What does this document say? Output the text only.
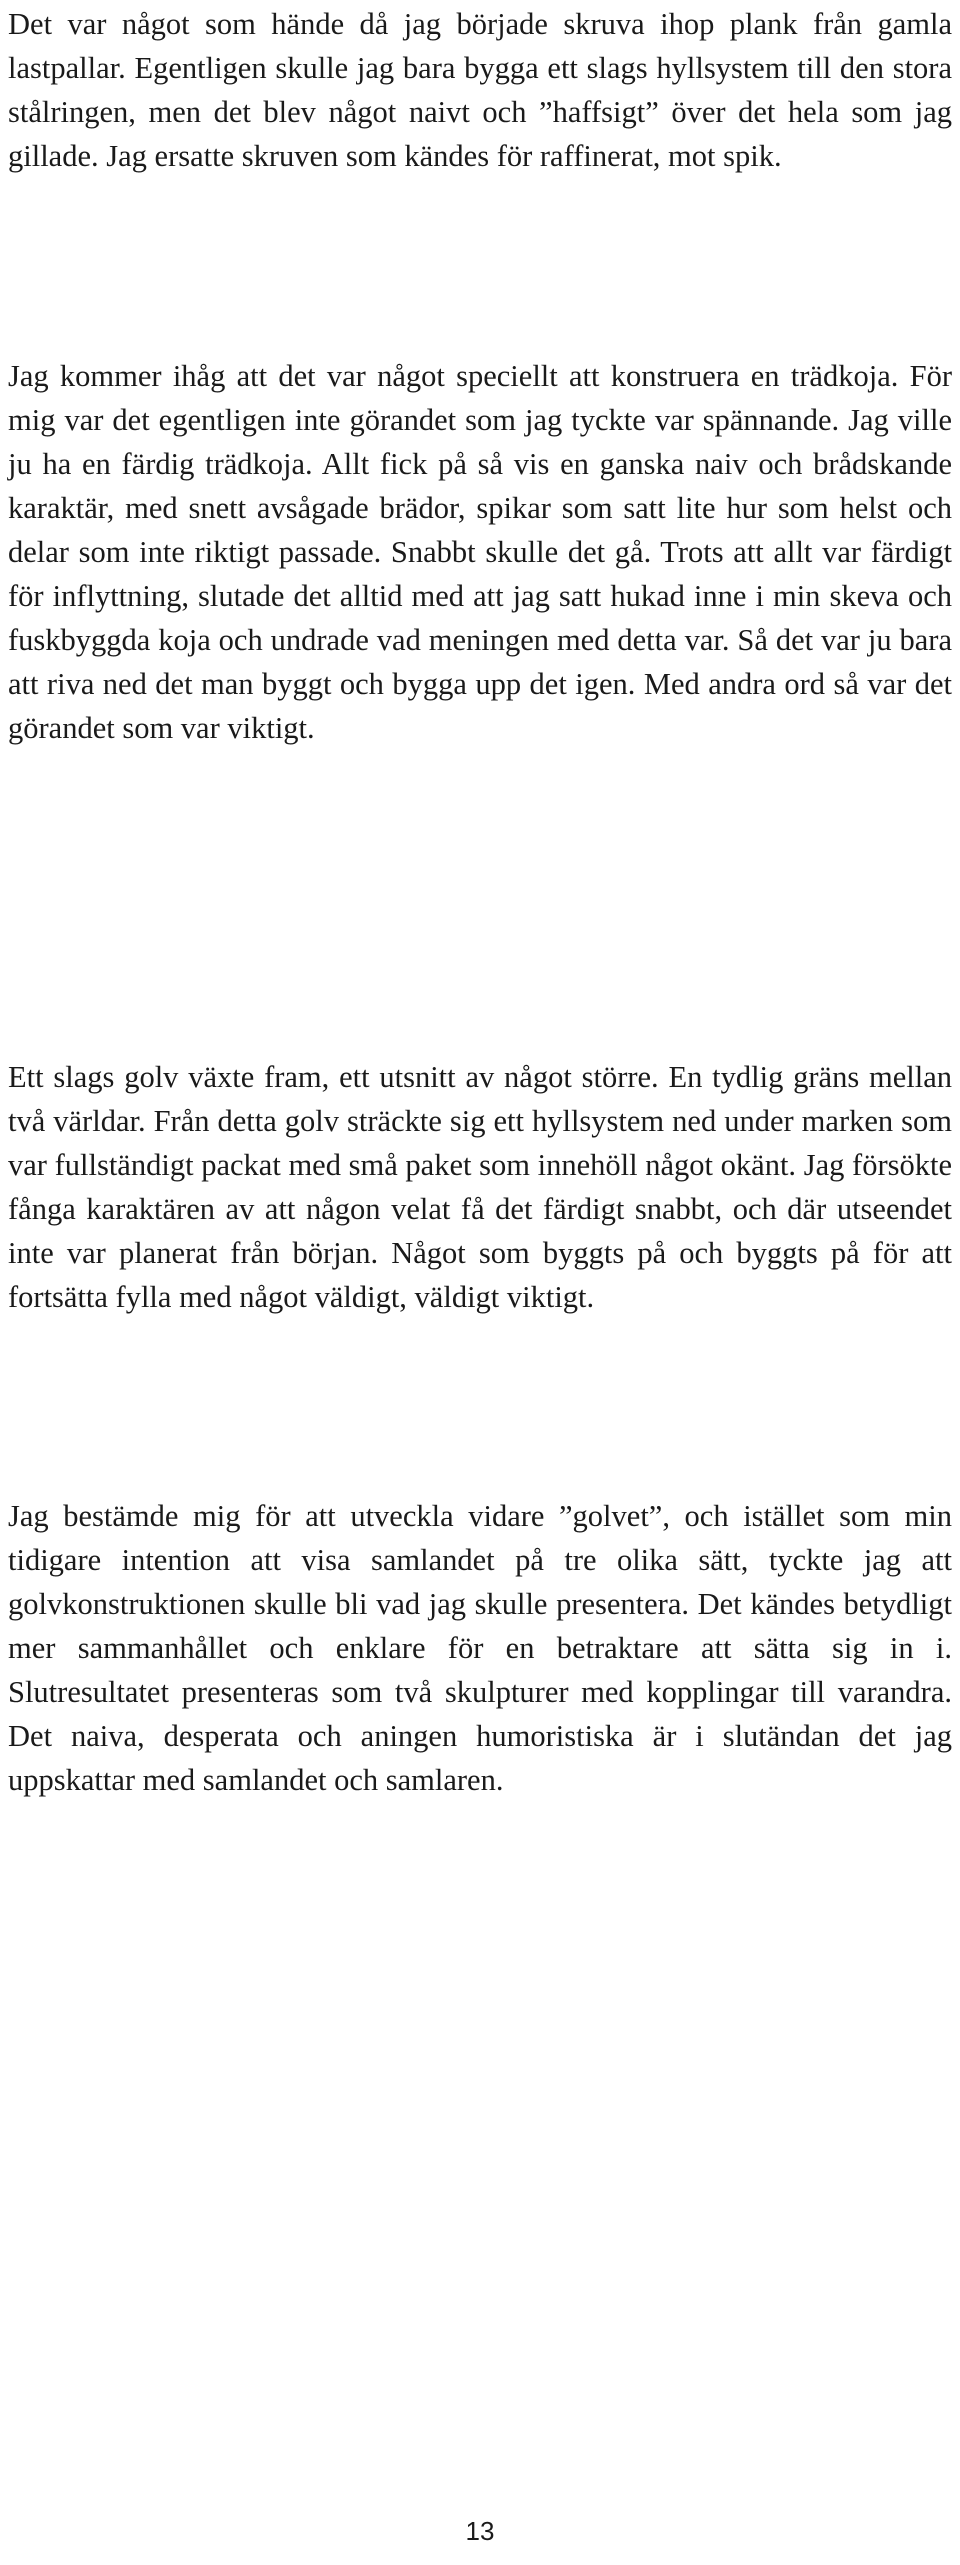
Det var något som hände då jag började skruva ihop plank från gamla lastpallar. Egentligen skulle jag bara bygga ett slags hyllsystem till den stora stålringen, men det blev något naivt och ”haffsigt” över det hela som jag gillade. Jag ersatte skruven som kändes för raffinerat, mot spik.

Jag kommer ihåg att det var något speciellt att konstruera en trädkoja. För mig var det egentligen inte görandet som jag tyckte var spännande. Jag ville ju ha en färdig trädkoja. Allt fick på så vis en ganska naiv och brådskande karaktär, med snett avsågade brädor, spikar som satt lite hur som helst och delar som inte riktigt passade. Snabbt skulle det gå. Trots att allt var färdigt för inflyttning, slutade det alltid med att jag satt hukad inne i min skeva och fuskbyggda koja och undrade vad meningen med detta var. Så det var ju bara att riva ned det man byggt och bygga upp det igen. Med andra ord så var det görandet som var viktigt.

Ett slags golv växte fram, ett utsnitt av något större. En tydlig gräns mellan två världar. Från detta golv sträckte sig ett hyllsystem ned under marken som var fullständigt packat med små paket som innehöll något okänt. Jag försökte fånga karaktären av att någon velat få det färdigt snabbt, och där utseendet inte var planerat från början. Något som byggts på och byggts på för att fortsätta fylla med något väldigt, väldigt viktigt.

Jag bestämde mig för att utveckla vidare ”golvet”, och istället som min tidigare intention att visa samlandet på tre olika sätt, tyckte jag att golvkonstruktionen skulle bli vad jag skulle presentera. Det kändes betydligt mer sammanhållet och enklare för en betraktare att sätta sig in i. Slutresultatet presenteras som två skulpturer med kopplingar till varandra. Det naiva, desperata och aningen humoristiska är i slutändan det jag uppskattar med samlandet och samlaren.

13
